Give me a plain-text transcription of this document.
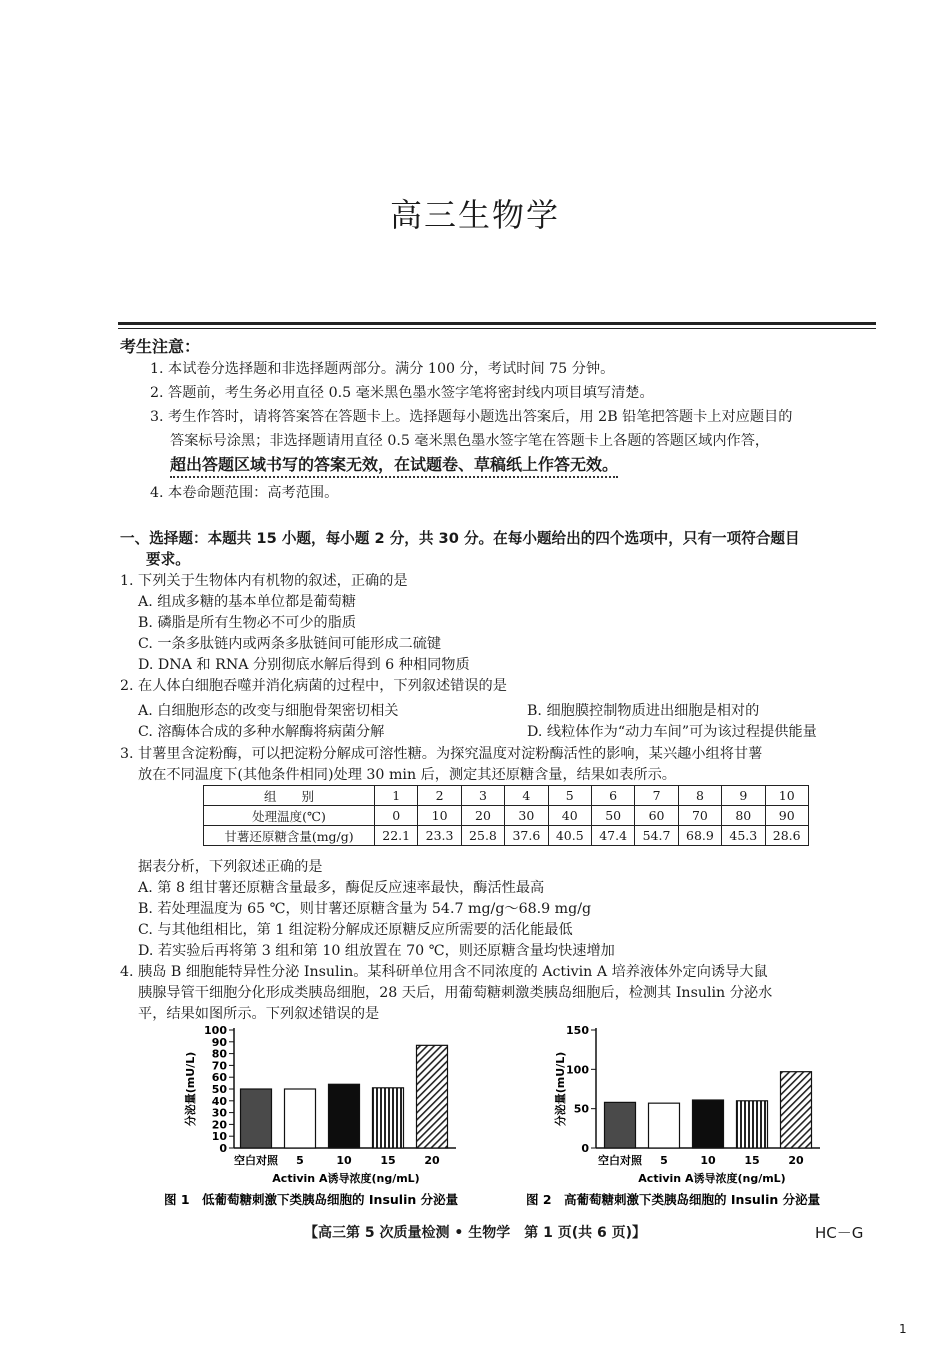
高三生物学
考生注意：
1. 本试卷分选择题和非选择题两部分。满分 100 分，考试时间 75 分钟。
2. 答题前，考生务必用直径 0.5 毫米黑色墨水签字笔将密封线内项目填写清楚。
3. 考生作答时，请将答案答在答题卡上。选择题每小题选出答案后，用 2B 铅笔把答题卡上对应题目的
答案标号涂黑；非选择题请用直径 0.5 毫米黑色墨水签字笔在答题卡上各题的答题区域内作答，
超出答题区域书写的答案无效，在试题卷、草稿纸上作答无效。
4. 本卷命题范围：高考范围。
一、选择题：本题共 15 小题，每小题 2 分，共 30 分。在每小题给出的四个选项中，只有一项符合题目
要求。
1. 下列关于生物体内有机物的叙述，正确的是
A. 组成多糖的基本单位都是葡萄糖
B. 磷脂是所有生物必不可少的脂质
C. 一条多肽链内或两条多肽链间可能形成二硫键
D. DNA 和 RNA 分别彻底水解后得到 6 种相同物质
2. 在人体白细胞吞噬并消化病菌的过程中，下列叙述错误的是
A. 白细胞形态的改变与细胞骨架密切相关	B. 细胞膜控制物质进出细胞是相对的
C. 溶酶体合成的多种水解酶将病菌分解	D. 线粒体作为“动力车间”可为该过程提供能量
3. 甘薯里含淀粉酶，可以把淀粉分解成可溶性糖。为探究温度对淀粉酶活性的影响，某兴趣小组将甘薯
放在不同温度下(其他条件相同)处理 30 min 后，测定其还原糖含量，结果如表所示。
组　　别	1	2	3	4	5	6	7	8	9	10
处理温度(℃)	0	10	20	30	40	50	60	70	80	90
甘薯还原糖含量(mg/g)	22.1	23.3	25.8	37.6	40.5	47.4	54.7	68.9	45.3	28.6
据表分析，下列叙述正确的是
A. 第 8 组甘薯还原糖含量最多，酶促反应速率最快，酶活性最高
B. 若处理温度为 65 ℃，则甘薯还原糖含量为 54.7 mg/g～68.9 mg/g
C. 与其他组相比，第 1 组淀粉分解成还原糖反应所需要的活化能最低
D. 若实验后再将第 3 组和第 10 组放置在 70 ℃，则还原糖含量均快速增加
4. 胰岛 B 细胞能特异性分泌 Insulin。某科研单位用含不同浓度的 Activin A 培养液体外定向诱导大鼠
胰腺导管干细胞分化形成类胰岛细胞，28 天后，用葡萄糖刺激类胰岛细胞后，检测其 Insulin 分泌水
平，结果如图所示。下列叙述错误的是
0
10
20
30
40
50
60
70
80
90
100
分泌量(mU/L)
空白对照 5	10	15	20
Activin A诱导浓度(ng/mL)
图 1　低葡萄糖刺激下类胰岛细胞的 Insulin 分泌量
0
50
100
150
分泌量(mU/L)
空白对照 5	10	15	20
Activin A诱导浓度(ng/mL)
图 2　高葡萄糖刺激下类胰岛细胞的 Insulin 分泌量
【高三第 5 次质量检测 • 生物学　第 1 页(共 6 页)】	HC－G
1
